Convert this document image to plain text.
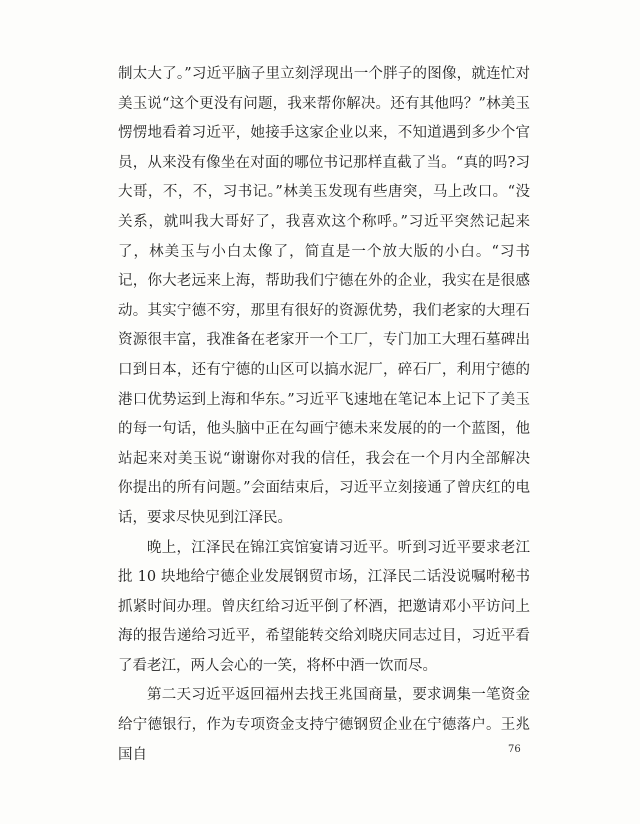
制太大了。”习近平脑子里立刻浮现出一个胖子的图像，就连忙对美玉说“这个更没有问题，我来帮你解决。还有其他吗？”林美玉愣愣地看着习近平，她接手这家企业以来，不知道遇到多少个官员，从来没有像坐在对面的哪位书记那样直截了当。“真的吗?习大哥，不，不，习书记。”林美玉发现有些唐突，马上改口。“没关系，就叫我大哥好了，我喜欢这个称呼。”习近平突然记起来了，林美玉与小白太像了，简直是一个放大版的小白。“习书记，你大老远来上海，帮助我们宁德在外的企业，我实在是很感动。其实宁德不穷，那里有很好的资源优势，我们老家的大理石资源很丰富，我准备在老家开一个工厂，专门加工大理石墓碑出口到日本，还有宁德的山区可以搞水泥厂，碎石厂，利用宁德的港口优势运到上海和华东。”习近平飞速地在笔记本上记下了美玉的每一句话，他头脑中正在勾画宁德未来发展的的一个蓝图，他站起来对美玉说“谢谢你对我的信任，我会在一个月内全部解决你提出的所有问题。”会面结束后，习近平立刻接通了曾庆红的电话，要求尽快见到江泽民。

晚上，江泽民在锦江宾馆宴请习近平。听到习近平要求老江批 10 块地给宁德企业发展钢贸市场，江泽民二话没说嘱咐秘书抓紧时间办理。曾庆红给习近平倒了杯酒，把邀请邓小平访问上海的报告递给习近平，希望能转交给刘晓庆同志过目，习近平看了看老江，两人会心的一笑，将杯中酒一饮而尽。

第二天习近平返回福州去找王兆国商量，要求调集一笔资金给宁德银行，作为专项资金支持宁德钢贸企业在宁德落户。王兆国自	76
